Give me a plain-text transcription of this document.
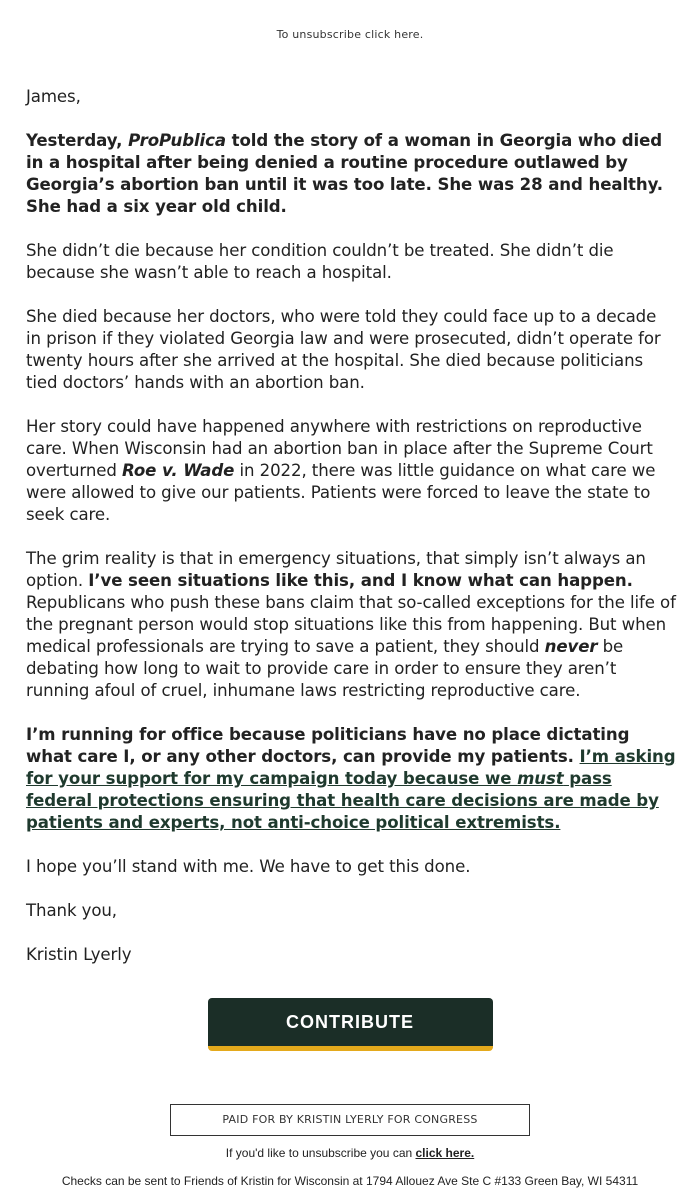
To unsubscribe click here.

James,

Yesterday, ProPublica told the story of a woman in Georgia who died in a hospital after being denied a routine procedure outlawed by Georgia’s abortion ban until it was too late. She was 28 and healthy. She had a six year old child.

She didn’t die because her condition couldn’t be treated. She didn’t die because she wasn’t able to reach a hospital.

She died because her doctors, who were told they could face up to a decade in prison if they violated Georgia law and were prosecuted, didn’t operate for twenty hours after she arrived at the hospital. She died because politicians tied doctors’ hands with an abortion ban.

Her story could have happened anywhere with restrictions on reproductive care. When Wisconsin had an abortion ban in place after the Supreme Court overturned Roe v. Wade in 2022, there was little guidance on what care we were allowed to give our patients. Patients were forced to leave the state to seek care.

The grim reality is that in emergency situations, that simply isn’t always an option. I’ve seen situations like this, and I know what can happen. Republicans who push these bans claim that so-called exceptions for the life of the pregnant person would stop situations like this from happening. But when medical professionals are trying to save a patient, they should never be debating how long to wait to provide care in order to ensure they aren’t running afoul of cruel, inhumane laws restricting reproductive care.

I’m running for office because politicians have no place dictating what care I, or any other doctors, can provide my patients. I’m asking for your support for my campaign today because we must pass federal protections ensuring that health care decisions are made by patients and experts, not anti-choice political extremists.

I hope you’ll stand with me. We have to get this done.

Thank you,

Kristin Lyerly

CONTRIBUTE
PAID FOR BY KRISTIN LYERLY FOR CONGRESS
If you'd like to unsubscribe you can click here.
Checks can be sent to Friends of Kristin for Wisconsin at 1794 Allouez Ave Ste C #133 Green Bay, WI 54311
